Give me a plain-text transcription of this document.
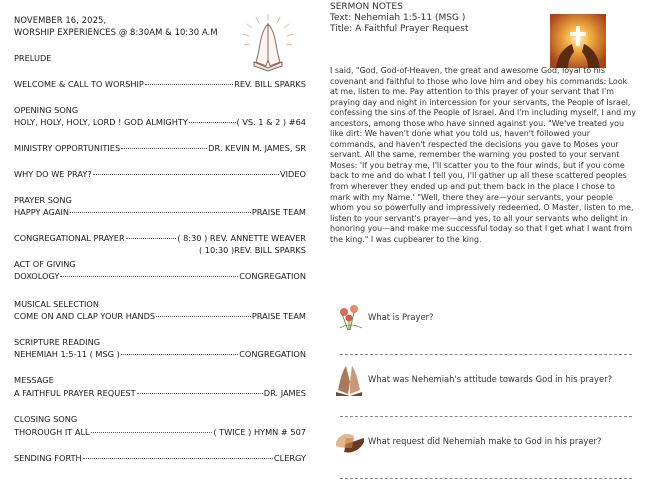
NOVEMBER 16, 2025,
WORSHIP EXPERIENCES @ 8:30AM & 10:30 A.M
PRELUDE
WELCOME & CALL TO WORSHIP	REV. BILL SPARKS
OPENING SONG
HOLY, HOLY, HOLY, LORD ! GOD ALMIGHTY	( VS. 1 & 2 ) #64
MINISTRY OPPORTUNITIES	DR. KEVIN M. JAMES, SR
WHY DO WE PRAY?	VIDEO
PRAYER SONG
HAPPY AGAIN	PRAISE TEAM
CONGREGATIONAL PRAYER	( 8:30 ) REV. ANNETTE WEAVER
( 10:30 )REV. BILL SPARKS
ACT OF GIVING
DOXOLOGY	CONGREGATION
MUSICAL SELECTION
COME ON AND CLAP YOUR HANDS	PRAISE TEAM
SCRIPTURE READING
NEHEMIAH 1:5-11 ( MSG )	CONGREGATION
MESSAGE
A FAITHFUL PRAYER REQUEST	DR. JAMES
CLOSING SONG
THOROUGH IT ALL	( TWICE ) HYMN # 507
SENDING FORTH	CLERGY
SERMON NOTES
Text: Nehemiah 1:5-11 (MSG )
Title: A Faithful Prayer Request
I said, "God, God-of-Heaven, the great and awesome God, loyal to his covenant and faithful to those who love him and obey his commands: Look at me, listen to me. Pay attention to this prayer of your servant that I'm praying day and night in intercession for your servants, the People of Israel, confessing the sins of the People of Israel. And I'm including myself, I and my ancestors, among those who have sinned against you. "We've treated you like dirt: We haven't done what you told us, haven't followed your commands, and haven't respected the decisions you gave to Moses your servant. All the same, remember the warning you posted to your servant Moses: 'If you betray me, I'll scatter you to the four winds, but if you come back to me and do what I tell you, I'll gather up all these scattered peoples from wherever they ended up and put them back in the place I chose to mark with my Name.' "Well, there they are—your servants, your people whom you so powerfully and impressively redeemed. O Master, listen to me, listen to your servant's prayer—and yes, to all your servants who delight in honoring you—and make me successful today so that I get what I want from the king." I was cupbearer to the king.
What is Prayer?
What was Nehemiah's attitude towards God in his prayer?
What request did Nehemiah make to God in his prayer?
